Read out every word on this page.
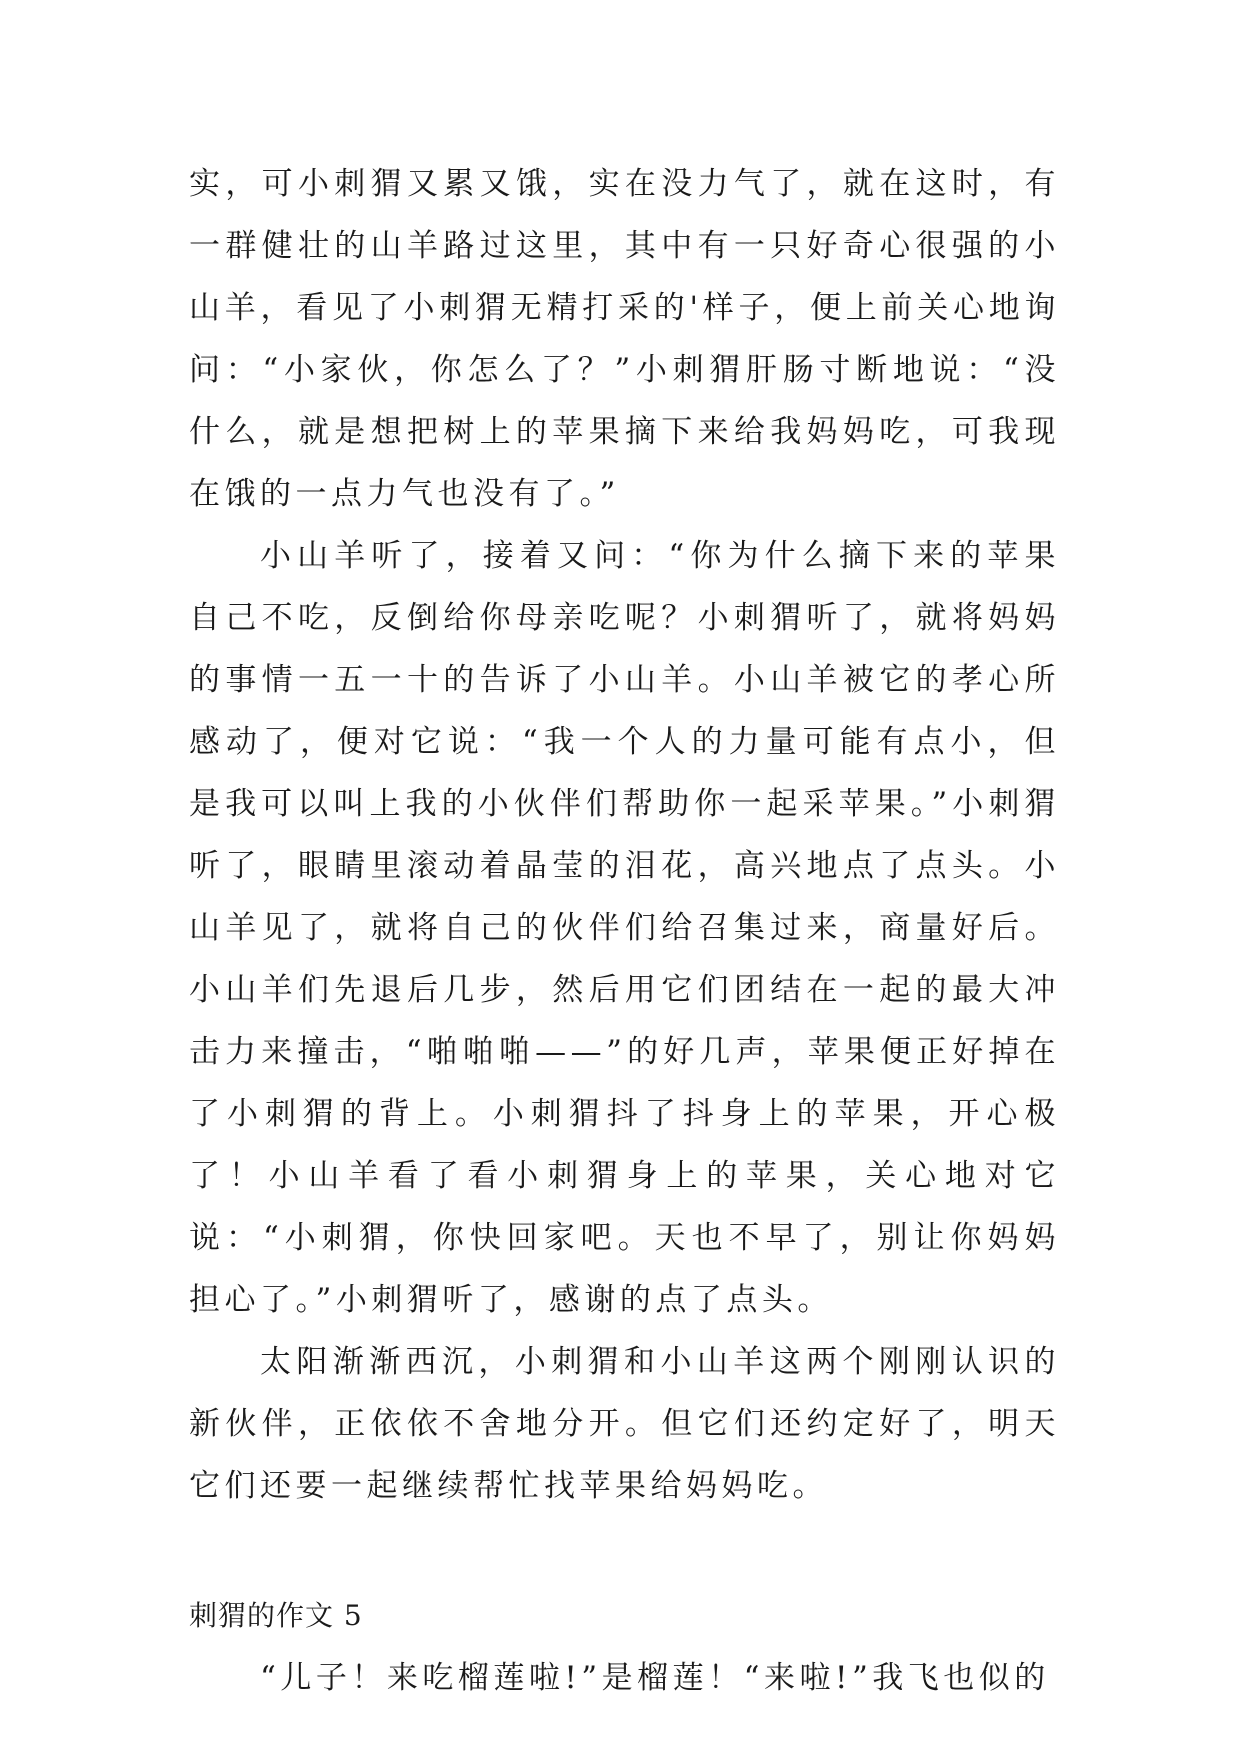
实，可小刺猬又累又饿，实在没力气了，就在这时，有一群健壮的山羊路过这里，其中有一只好奇心很强的小山羊，看见了小刺猬无精打采的'样子，便上前关心地询问：“小家伙，你怎么了？”小刺猬肝肠寸断地说：“没什么，就是想把树上的苹果摘下来给我妈妈吃，可我现在饿的一点力气也没有了。”

小山羊听了，接着又问：“你为什么摘下来的苹果自己不吃，反倒给你母亲吃呢？小刺猬听了，就将妈妈的事情一五一十的告诉了小山羊。小山羊被它的孝心所感动了，便对它说：“我一个人的力量可能有点小，但是我可以叫上我的小伙伴们帮助你一起采苹果。”小刺猬听了，眼睛里滚动着晶莹的泪花，高兴地点了点头。小山羊见了，就将自己的伙伴们给召集过来，商量好后。小山羊们先退后几步，然后用它们团结在一起的最大冲击力来撞击，“啪啪啪——”的好几声，苹果便正好掉在了小刺猬的背上。小刺猬抖了抖身上的苹果，开心极了！小山羊看了看小刺猬身上的苹果，关心地对它说：“小刺猬，你快回家吧。天也不早了，别让你妈妈担心了。”小刺猬听了，感谢的点了点头。

太阳渐渐西沉，小刺猬和小山羊这两个刚刚认识的新伙伴，正依依不舍地分开。但它们还约定好了，明天它们还要一起继续帮忙找苹果给妈妈吃。

刺猬的作文 5

“儿子！来吃榴莲啦!”是榴莲！“来啦!”我飞也似的
